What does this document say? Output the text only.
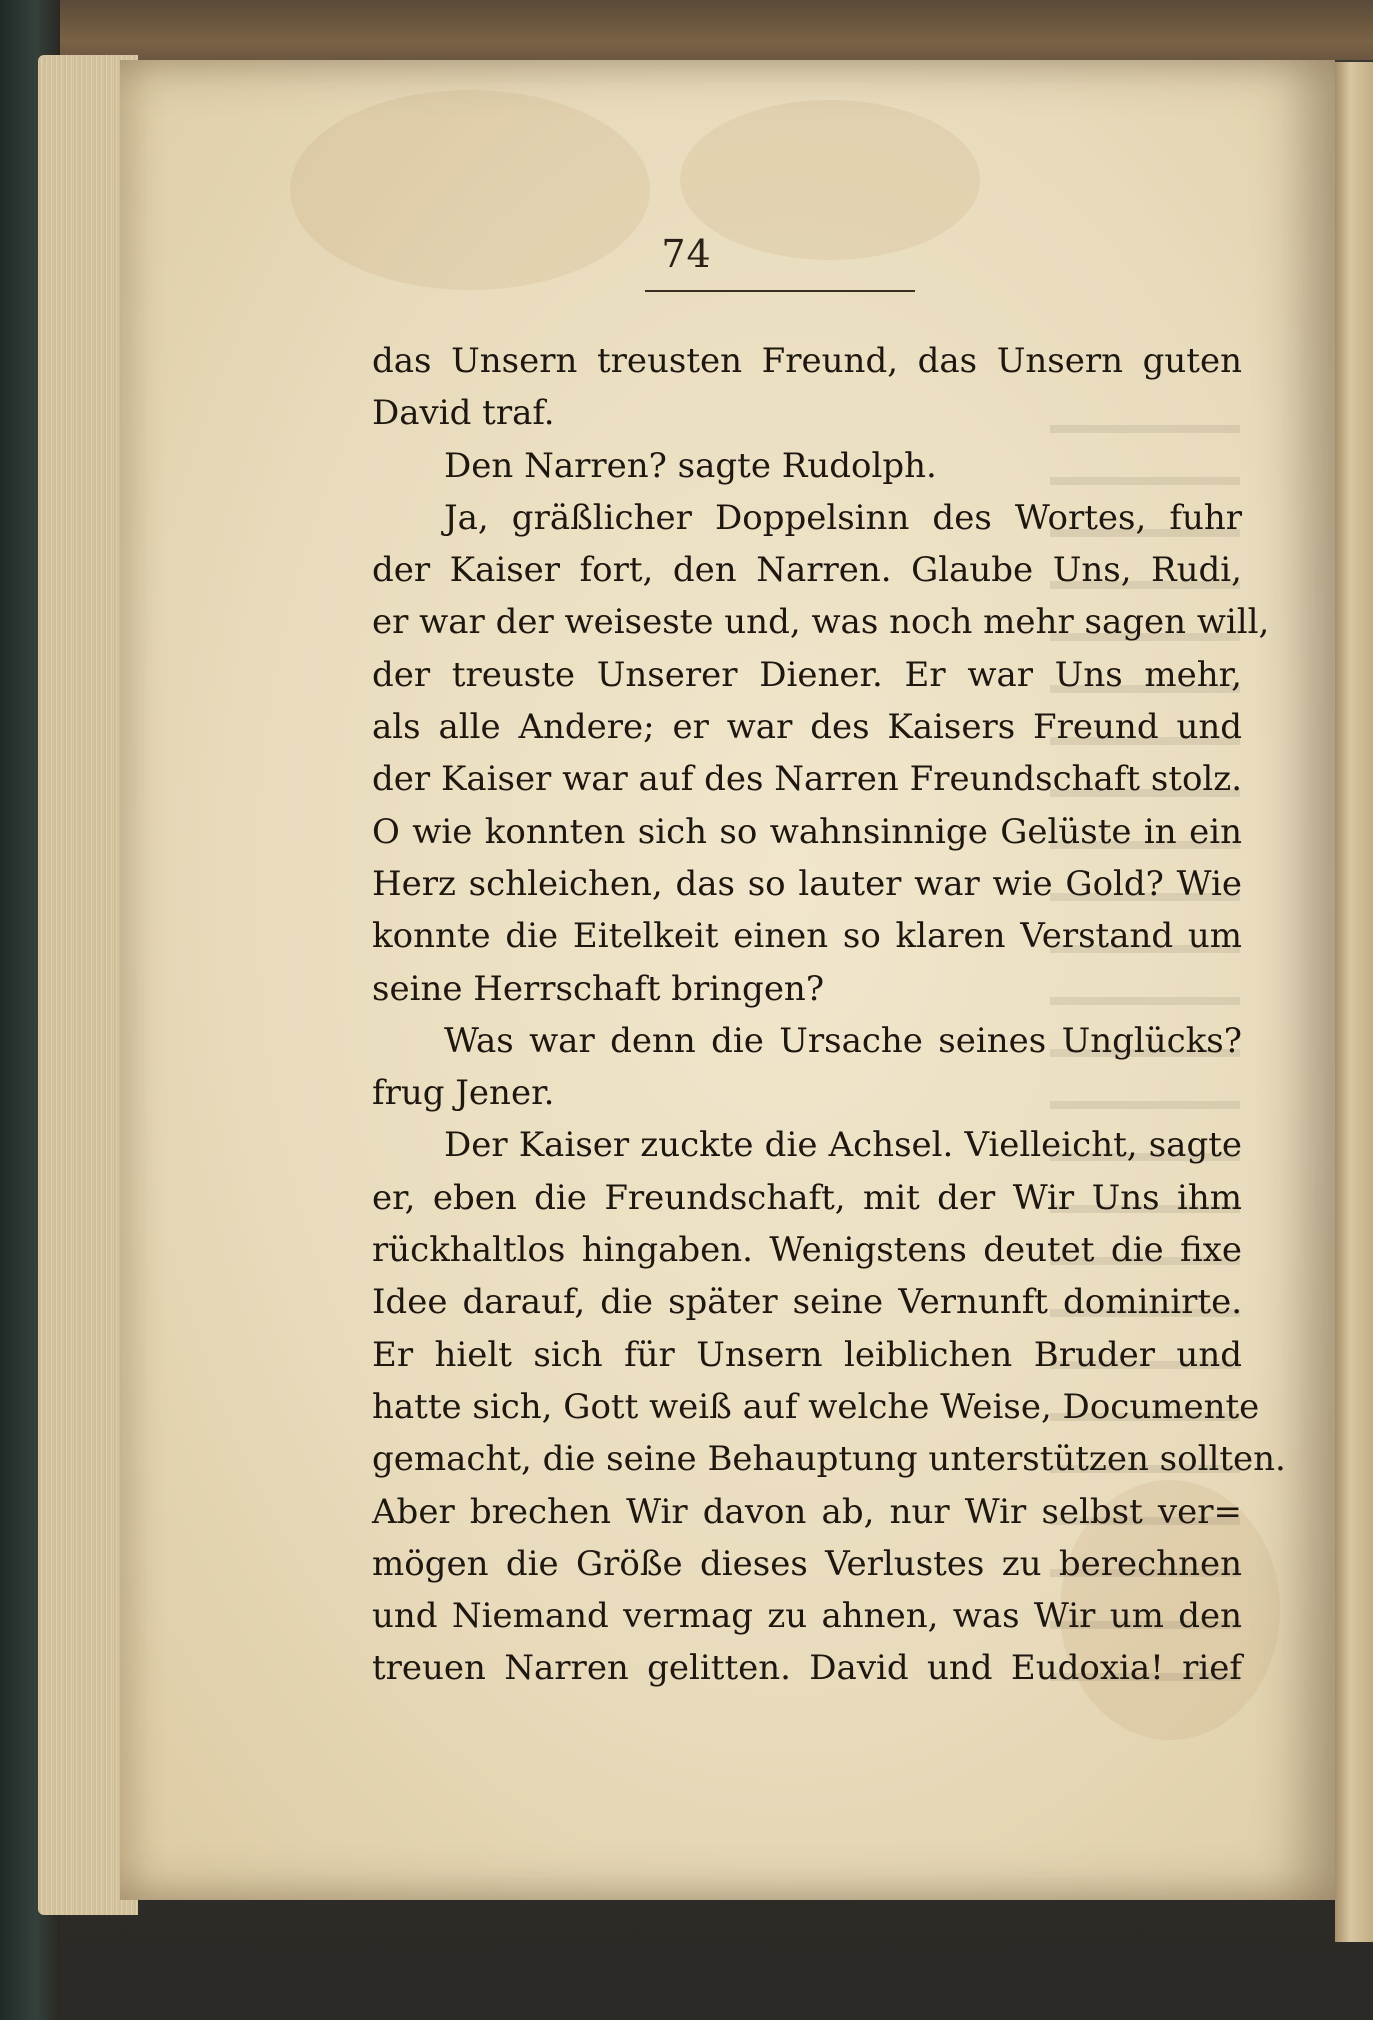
74
das Unsern treusten Freund, das Unsern guten
David traf.
Den Narren? sagte Rudolph.
Ja, gräßlicher Doppelsinn des Wortes, fuhr
der Kaiser fort, den Narren. Glaube Uns, Rudi,
er war der weiseste und, was noch mehr sagen will,
der treuste Unserer Diener. Er war Uns mehr,
als alle Andere; er war des Kaisers Freund und
der Kaiser war auf des Narren Freundschaft stolz.
O wie konnten sich so wahnsinnige Gelüste in ein
Herz schleichen, das so lauter war wie Gold? Wie
konnte die Eitelkeit einen so klaren Verstand um
seine Herrschaft bringen?
Was war denn die Ursache seines Unglücks?
frug Jener.
Der Kaiser zuckte die Achsel. Vielleicht, sagte
er, eben die Freundschaft, mit der Wir Uns ihm
rückhaltlos hingaben. Wenigstens deutet die fixe
Idee darauf, die später seine Vernunft dominirte.
Er hielt sich für Unsern leiblichen Bruder und
hatte sich, Gott weiß auf welche Weise, Documente
gemacht, die seine Behauptung unterstützen sollten.
Aber brechen Wir davon ab, nur Wir selbst ver=
mögen die Größe dieses Verlustes zu berechnen
und Niemand vermag zu ahnen, was Wir um den
treuen Narren gelitten. David und Eudoxia! rief
